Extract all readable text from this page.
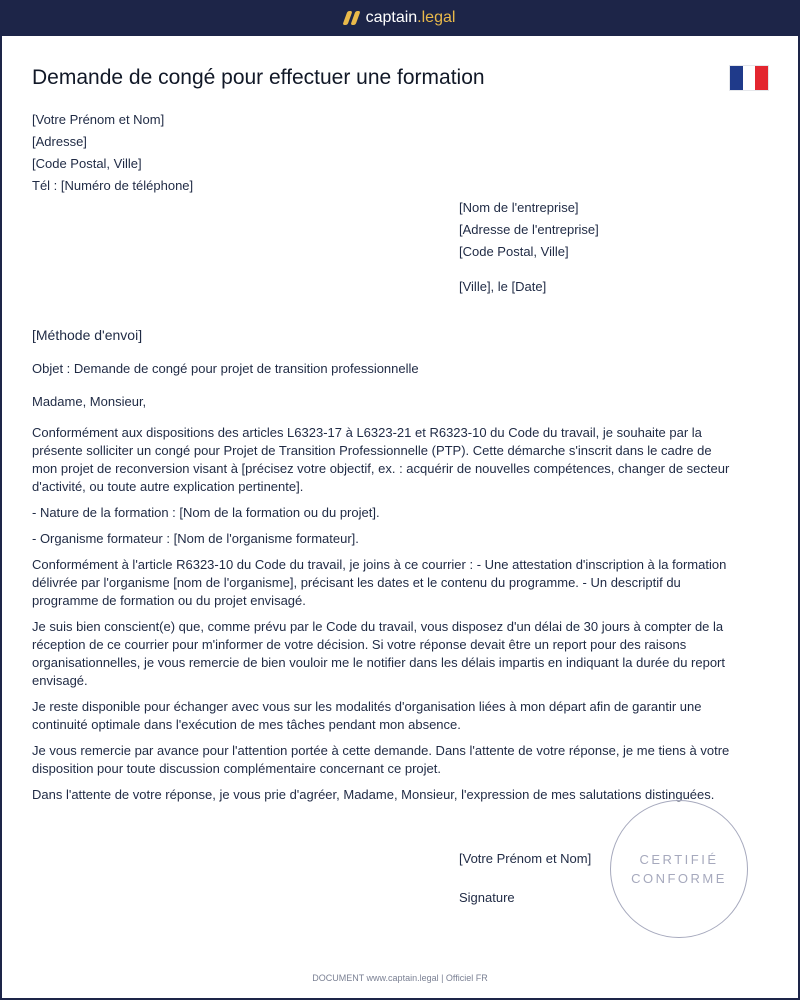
captain.legal
Demande de congé pour effectuer une formation
[Votre Prénom et Nom]
[Adresse]
[Code Postal, Ville]
Tél : [Numéro de téléphone]
[Nom de l'entreprise]
[Adresse de l'entreprise]
[Code Postal, Ville]
[Ville], le [Date]
[Méthode d'envoi]
Objet : Demande de congé pour projet de transition professionnelle
Madame, Monsieur,

Conformément aux dispositions des articles L6323-17 à L6323-21 et R6323-10 du Code du travail, je souhaite par la présente solliciter un congé pour Projet de Transition Professionnelle (PTP). Cette démarche s'inscrit dans le cadre de mon projet de reconversion visant à [précisez votre objectif, ex. : acquérir de nouvelles compétences, changer de secteur d'activité, ou toute autre explication pertinente].

- Nature de la formation : [Nom de la formation ou du projet].

- Organisme formateur : [Nom de l'organisme formateur].

Conformément à l'article R6323-10 du Code du travail, je joins à ce courrier : - Une attestation d'inscription à la formation délivrée par l'organisme [nom de l'organisme], précisant les dates et le contenu du programme. - Un descriptif du programme de formation ou du projet envisagé.

Je suis bien conscient(e) que, comme prévu par le Code du travail, vous disposez d'un délai de 30 jours à compter de la réception de ce courrier pour m'informer de votre décision. Si votre réponse devait être un report pour des raisons organisationnelles, je vous remercie de bien vouloir me le notifier dans les délais impartis en indiquant la durée du report envisagé.

Je reste disponible pour échanger avec vous sur les modalités d'organisation liées à mon départ afin de garantir une continuité optimale dans l'exécution de mes tâches pendant mon absence.

Je vous remercie par avance pour l'attention portée à cette demande. Dans l'attente de votre réponse, je me tiens à votre disposition pour toute discussion complémentaire concernant ce projet.

Dans l'attente de votre réponse, je vous prie d'agréer, Madame, Monsieur, l'expression de mes salutations distinguées.

[Votre Prénom et Nom]
Signature
CERTIFIÉ
CONFORME
DOCUMENT www.captain.legal | Officiel FR
